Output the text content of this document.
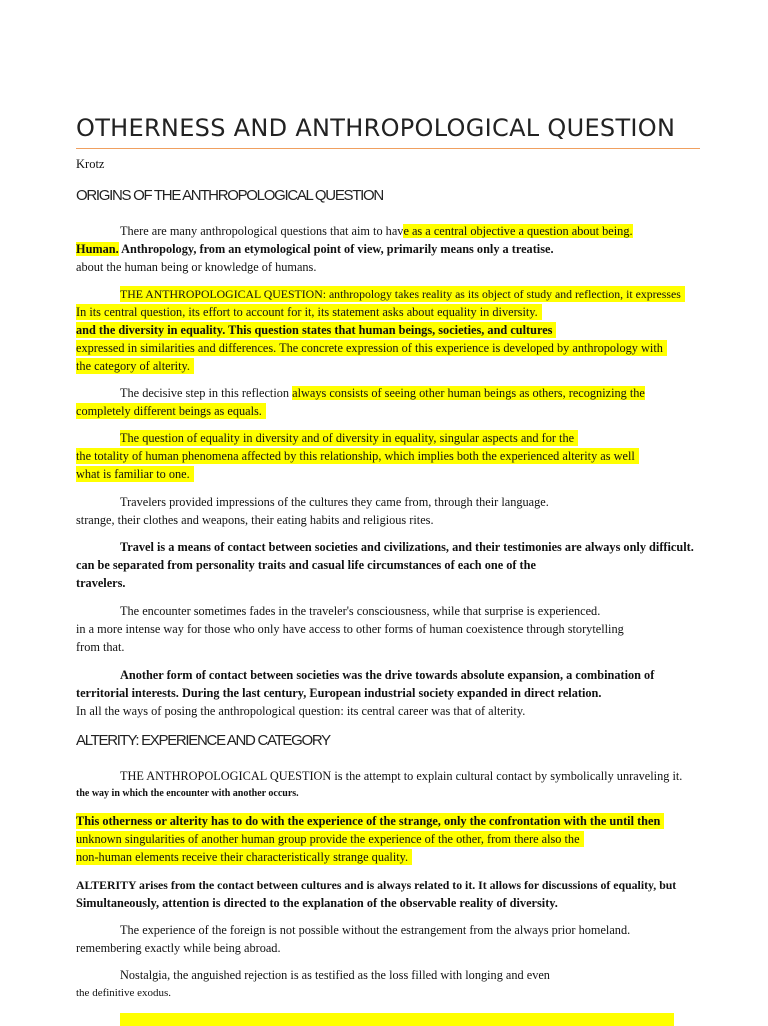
OTHERNESS AND ANTHROPOLOGICAL QUESTION
Krotz
ORIGINS OF THE ANTHROPOLOGICAL QUESTION
There are many anthropological questions that aim to have as a central objective a question about being.
Human. Anthropology, from an etymological point of view, primarily means only a treatise.
about the human being or knowledge of humans.
THE ANTHROPOLOGICAL QUESTION: anthropology takes reality as its object of study and reflection, it expresses
In its central question, its effort to account for it, its statement asks about equality in diversity.
and the diversity in equality. This question states that human beings, societies, and cultures
expressed in similarities and differences. The concrete expression of this experience is developed by anthropology with
the category of alterity.
The decisive step in this reflection always consists of seeing other human beings as others, recognizing the
completely different beings as equals.
The question of equality in diversity and of diversity in equality, singular aspects and for the
the totality of human phenomena affected by this relationship, which implies both the experienced alterity as well
what is familiar to one.
Travelers provided impressions of the cultures they came from, through their language.
strange, their clothes and weapons, their eating habits and religious rites.
Travel is a means of contact between societies and civilizations, and their testimonies are always only difficult.
can be separated from personality traits and casual life circumstances of each one of the
travelers.
The encounter sometimes fades in the traveler's consciousness, while that surprise is experienced.
in a more intense way for those who only have access to other forms of human coexistence through storytelling
from that.
Another form of contact between societies was the drive towards absolute expansion, a combination of
territorial interests. During the last century, European industrial society expanded in direct relation.
In all the ways of posing the anthropological question: its central career was that of alterity.
ALTERITY: EXPERIENCE AND CATEGORY
THE ANTHROPOLOGICAL QUESTION is the attempt to explain cultural contact by symbolically unraveling it.
the way in which the encounter with another occurs.
This otherness or alterity has to do with the experience of the strange, only the confrontation with the until then
unknown singularities of another human group provide the experience of the other, from there also the
non-human elements receive their characteristically strange quality.
ALTERITY arises from the contact between cultures and is always related to it. It allows for discussions of equality, but
Simultaneously, attention is directed to the explanation of the observable reality of diversity.
The experience of the foreign is not possible without the estrangement from the always prior homeland.
remembering exactly while being abroad.
Nostalgia, the anguished rejection is as testified as the loss filled with longing and even
the definitive exodus.
